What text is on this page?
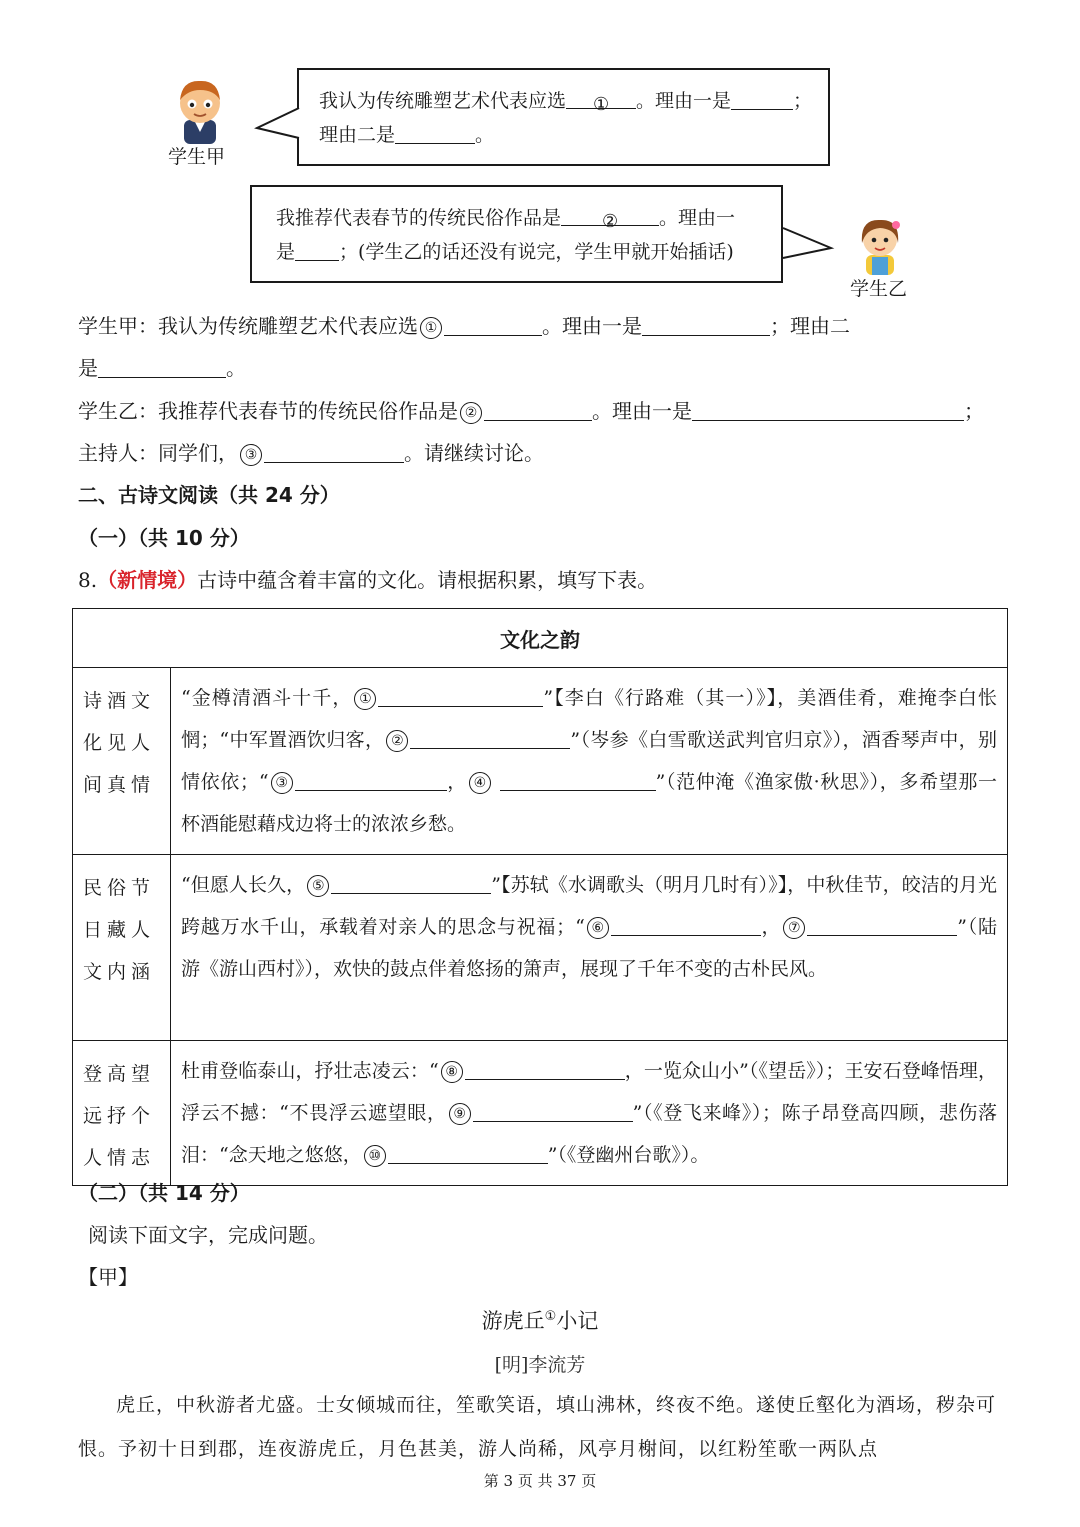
学生甲

我认为传统雕塑艺术代表应选 ① 。理由一是	；

理由二是	。

我推荐代表春节的传统民俗作品是 ② 。理由一

是 ；(学生乙的话还没有说完，学生甲就开始插话)

学生乙
学生甲：我认为传统雕塑艺术代表应选 ①	。理由一是	；理由二
是	。
学生乙：我推荐代表春节的传统民俗作品是 ②	。理由一是	；
主持人：同学们， ③	。请继续讨论。
二、古诗文阅读（共 24 分）
（一）（共 10 分）
8.（新情境）古诗中蕴含着丰富的文化。请根据积累，填写下表。
文化之韵	
诗酒文化见人间真情	“金樽清酒斗十千， ① ”【李白《行路难（其一）》】，美酒佳肴，难掩李白怅惘；“中军置酒饮归客， ② ”（岑参《白雪歌送武判官归京》），酒香琴声中，别情依依；“ ③ ， ④ ”（范仲淹《渔家傲·秋思》），多希望那一杯酒能慰藉戍边将士的浓浓乡愁。
民俗节日藏人文内涵	“但愿人长久， ⑤ ”【苏轼《水调歌头（明月几时有）》】，中秋佳节，皎洁的月光跨越万水千山，承载着对亲人的思念与祝福；“ ⑥ ， ⑦ ”（陆游《游山西村》），欢快的鼓点伴着悠扬的箫声，展现了千年不变的古朴民风。
登高望远抒个人情志	杜甫登临泰山，抒壮志凌云：“ ⑧ ，一览众山小”（《望岳》）；王安石登峰悟理，浮云不撼：“不畏浮云遮望眼， ⑨ ”（《登飞来峰》）；陈子昂登高四顾，悲伤落泪：“念天地之悠悠， ⑩ ”（《登幽州台歌》）。
（二）（共 14 分）
阅读下面文字，完成问题。
【甲】
游虎丘①小记
[明]李流芳
虎丘，中秋游者尤盛。士女倾城而往，笙歌笑语，填山沸林，终夜不绝。遂使丘壑化为酒场，秽杂可恨。予初十日到郡，连夜游虎丘，月色甚美，游人尚稀，风亭月榭间，以红粉笙歌一两队点
第 3 页 共 37 页
